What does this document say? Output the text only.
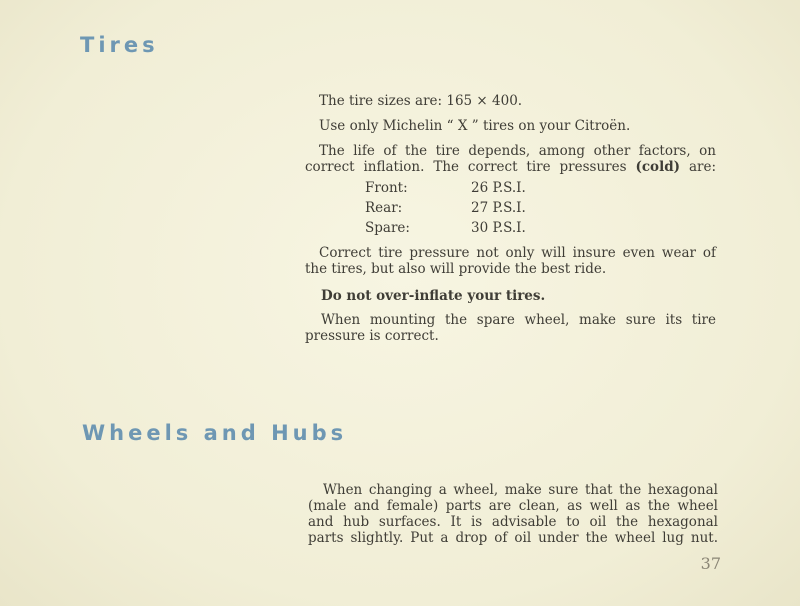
Tires

The tire sizes are: 165 × 400.

Use only Michelin “ X ” tires on your Citroën.

The life of the tire depends, among other factors, on

correct inflation. The correct tire pressures (cold) are:

Front:	26 P.S.I.
Rear:	27 P.S.I.
Spare:	30 P.S.I.

Correct tire pressure not only will insure even wear of

the tires, but also will provide the best ride.

Do not over-inflate your tires.

When mounting the spare wheel, make sure its tire

pressure is correct.

Wheels and Hubs

When changing a wheel, make sure that the hexagonal

(male and female) parts are clean, as well as the wheel

and hub surfaces. It is advisable to oil the hexagonal

parts slightly. Put a drop of oil under the wheel lug nut.

37
